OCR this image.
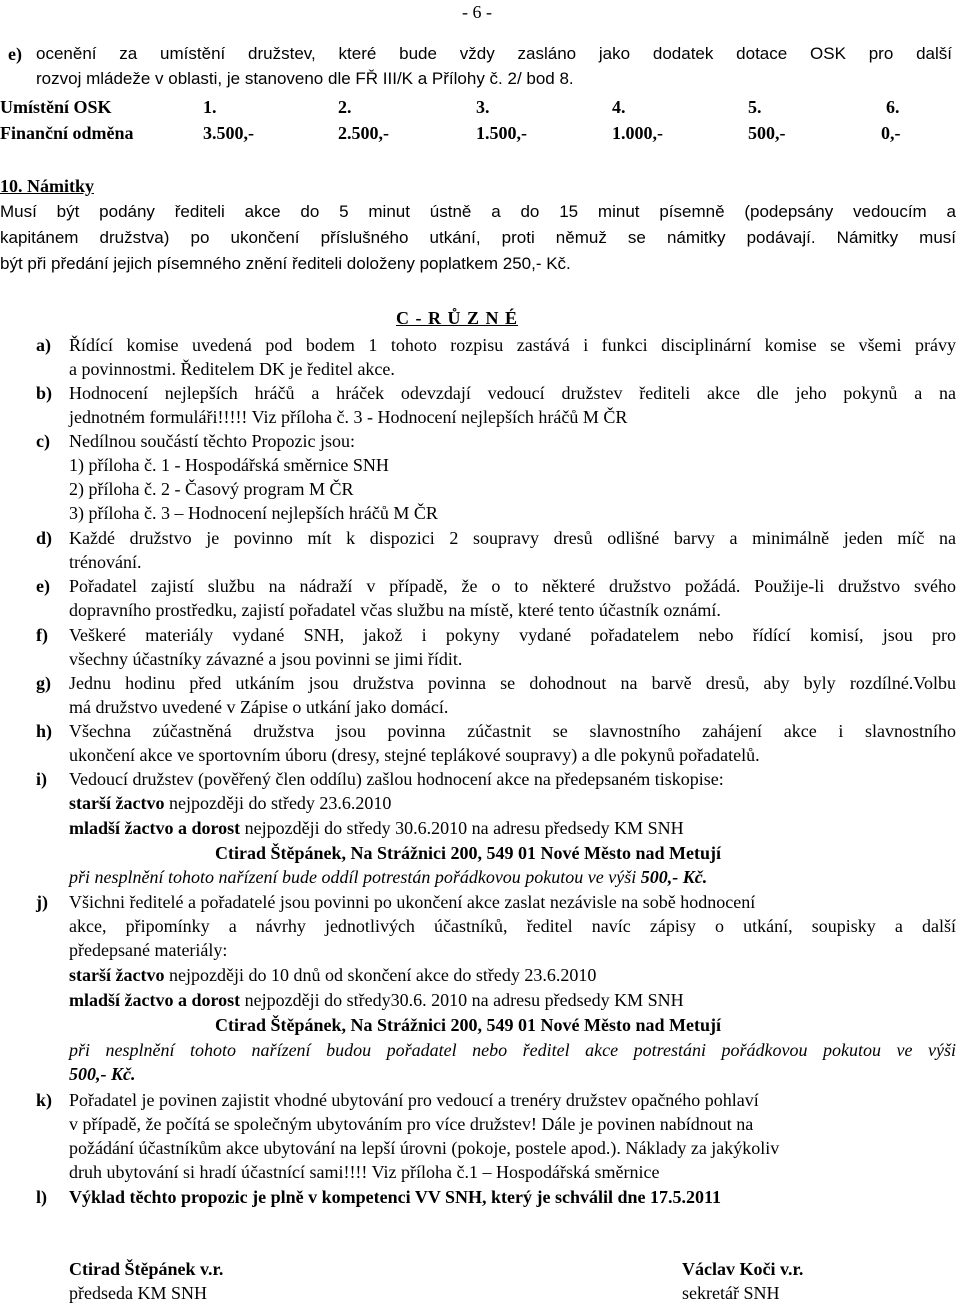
- 6 -
e) ocenění za umístění družstev, které bude vždy zasláno jako dodatek dotace OSK pro další
rozvoj mládeže v oblasti, je stanoveno dle FŘ III/K a Přílohy č. 2/ bod 8.
Umístění OSK	1.	2.	3.	4.	5.	6.
Finanční odměna	3.500,-	2.500,-	1.500,-	1.000,-	500,-	0,-
10. Námitky
Musí být podány řediteli akce do 5 minut ústně a do 15 minut písemně (podepsány vedoucím a
kapitánem družstva) po ukončení příslušného utkání, proti němuž se námitky podávají. Námitky musí
být při předání jejich písemného znění řediteli doloženy poplatkem 250,- Kč.
C - R Ů Z N É
a) Řídící komise uvedená pod bodem 1 tohoto rozpisu zastává i funkci disciplinární komise se všemi právy
a povinnostmi. Ředitelem DK je ředitel akce.
b) Hodnocení nejlepších hráčů a hráček odevzdají vedoucí družstev řediteli akce dle jeho pokynů a na
jednotném formuláři!!!!! Viz příloha č. 3 - Hodnocení nejlepších hráčů M ČR
c) Nedílnou součástí těchto Propozic jsou:
1) příloha č. 1 - Hospodářská směrnice SNH
2) příloha č. 2 - Časový program M ČR
3) příloha č. 3 – Hodnocení nejlepších hráčů M ČR
d) Každé družstvo je povinno mít k dispozici 2 soupravy dresů odlišné barvy a minimálně jeden míč na
trénování.
e) Pořadatel zajistí službu na nádraží v případě, že o to některé družstvo požádá. Použije-li družstvo svého
dopravního prostředku, zajistí pořadatel včas službu na místě, které tento účastník oznámí.
f) Veškeré materiály vydané SNH, jakož i pokyny vydané pořadatelem nebo řídící komisí, jsou pro
všechny účastníky závazné a jsou povinni se jimi řídit.
g) Jednu hodinu před utkáním jsou družstva povinna se dohodnout na barvě dresů, aby byly rozdílné.Volbu
má družstvo uvedené v Zápise o utkání jako domácí.
h) Všechna zúčastněná družstva jsou povinna zúčastnit se slavnostního zahájení akce i slavnostního
ukončení akce ve sportovním úboru (dresy, stejné teplákové soupravy) a dle pokynů pořadatelů.
i) Vedoucí družstev (pověřený člen oddílu) zašlou hodnocení akce na předepsaném tiskopise:
starší žactvo nejpozději do středy 23.6.2010
mladší žactvo a dorost nejpozději do středy 30.6.2010 na adresu předsedy KM SNH
Ctirad Štěpánek, Na Strážnici 200, 549 01 Nové Město nad Metují
při nesplnění tohoto nařízení bude oddíl potrestán pořádkovou pokutou ve výši 500,- Kč.
j) Všichni ředitelé a pořadatelé jsou povinni po ukončení akce zaslat nezávisle na sobě hodnocení
akce, připomínky a návrhy jednotlivých účastníků, ředitel navíc zápisy o utkání, soupisky a další
předepsané materiály:
starší žactvo nejpozději do 10 dnů od skončení akce do středy 23.6.2010
mladší žactvo a dorost nejpozději do středy30.6. 2010 na adresu předsedy KM SNH
Ctirad Štěpánek, Na Strážnici 200, 549 01 Nové Město nad Metují
při nesplnění tohoto nařízení budou pořadatel nebo ředitel akce potrestáni pořádkovou pokutou ve výši
500,- Kč.
k) Pořadatel je povinen zajistit vhodné ubytování pro vedoucí a trenéry družstev opačného pohlaví
v případě, že počítá se společným ubytováním pro více družstev! Dále je povinen nabídnout na
požádání účastníkům akce ubytování na lepší úrovni (pokoje, postele apod.). Náklady za jakýkoliv
druh ubytování si hradí účastnící sami!!!! Viz příloha č.1 – Hospodářská směrnice
l) Výklad těchto propozic je plně v kompetenci VV SNH, který je schválil dne 17.5.2011
Ctirad Štěpánek v.r.
předseda KM SNH
Václav Koči v.r.
sekretář SNH
